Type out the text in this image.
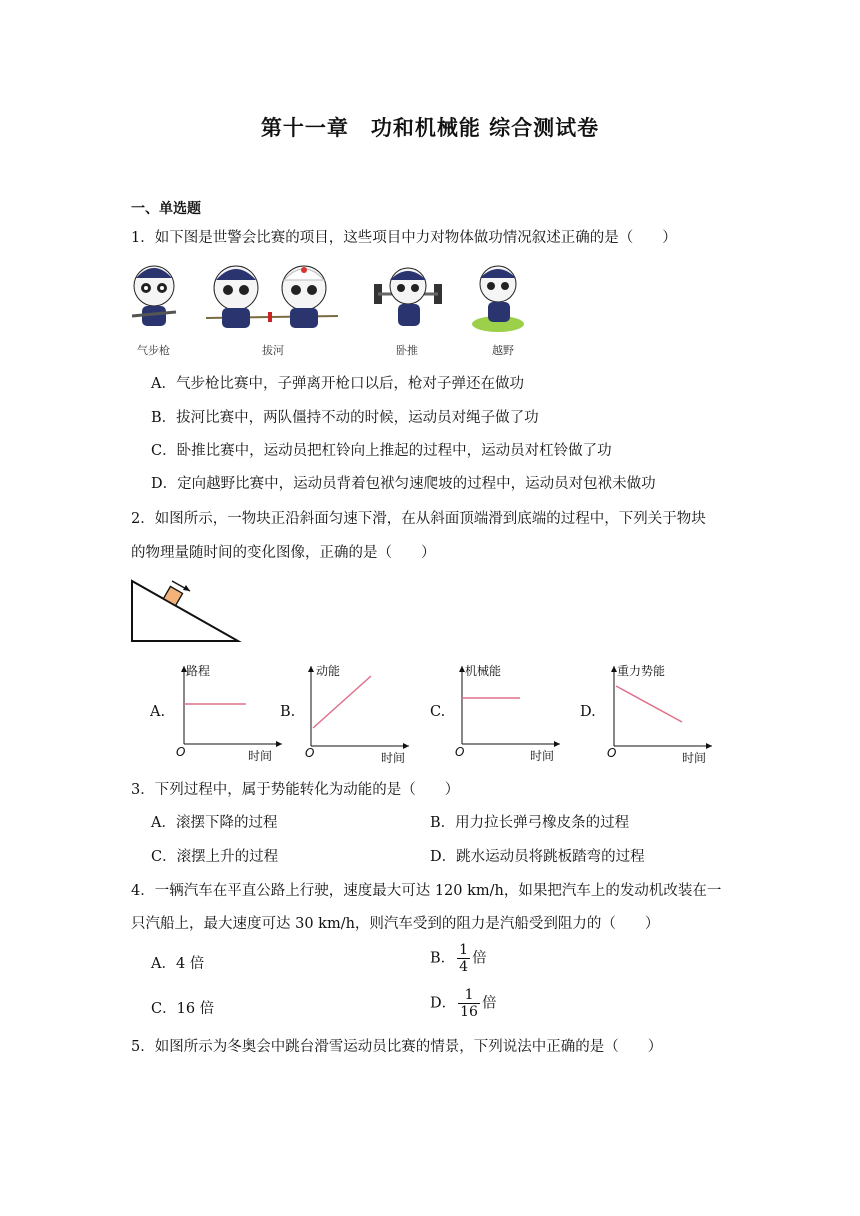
第十一章　功和机械能 综合测试卷
一、单选题
1．如下图是世警会比赛的项目，这些项目中力对物体做功情况叙述正确的是（　　）
气步枪	拔河	卧推	越野
A．气步枪比赛中，子弹离开枪口以后，枪对子弹还在做功
B．拔河比赛中，两队僵持不动的时候，运动员对绳子做了功
C．卧推比赛中，运动员把杠铃向上推起的过程中，运动员对杠铃做了功
D．定向越野比赛中，运动员背着包袱匀速爬坡的过程中，运动员对包袱未做功
2．如图所示，一物块正沿斜面匀速下滑，在从斜面顶端滑到底端的过程中，下列关于物块
的物理量随时间的变化图像，正确的是（　　）
A.
路程
时间
O
B.
动能
时间
O
C.
机械能
时间
O
D.
重力势能
时间
O
3．下列过程中，属于势能转化为动能的是（　　）
A．滚摆下降的过程	B．用力拉长弹弓橡皮条的过程
C．滚摆上升的过程	D．跳水运动员将跳板踏弯的过程
4．一辆汽车在平直公路上行驶，速度最大可达 120 km/h，如果把汽车上的发动机改装在一
只汽船上，最大速度可达 30 km/h，则汽车受到的阻力是汽船受到阻力的（　　）
A．4 倍	B． $\frac{1}{4}$ 倍
C．16 倍	D． $\frac{1}{16}$ 倍
5．如图所示为冬奥会中跳台滑雪运动员比赛的情景，下列说法中正确的是（　　）
